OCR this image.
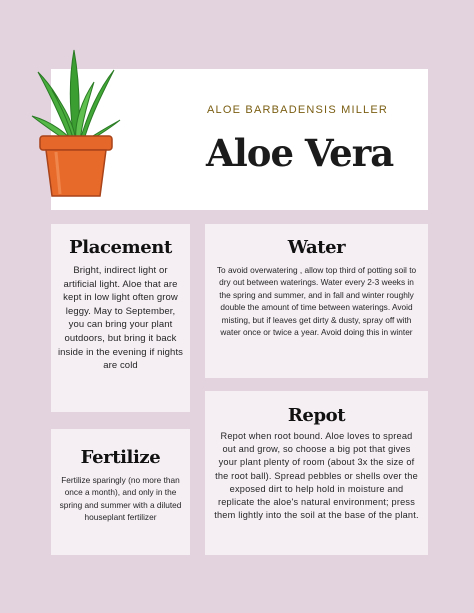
ALOE BARBADENSIS MILLER
Aloe Vera
Placement

Bright, indirect light or artificial light. Aloe that are kept in low light often grow leggy. May to September, you can bring your plant outdoors, but bring it back inside in the evening if nights are cold

Water

To avoid overwatering , allow top third of potting soil to dry out between waterings. Water every 2-3 weeks in the spring and summer, and in fall and winter roughly double the amount of time between waterings. Avoid misting, but if leaves get dirty & dusty, spray off with water once or twice a year. Avoid doing this in winter

Fertilize

Fertilize sparingly (no more than once a month), and only in the spring and summer with a diluted houseplant fertilizer

Repot

Repot when root bound. Aloe loves to spread out and grow, so choose a big pot that gives your plant plenty of room (about 3x the size of the root ball). Spread pebbles or shells over the exposed dirt to help hold in moisture and replicate the aloe's natural environment; press them lightly into the soil at the base of the plant.
